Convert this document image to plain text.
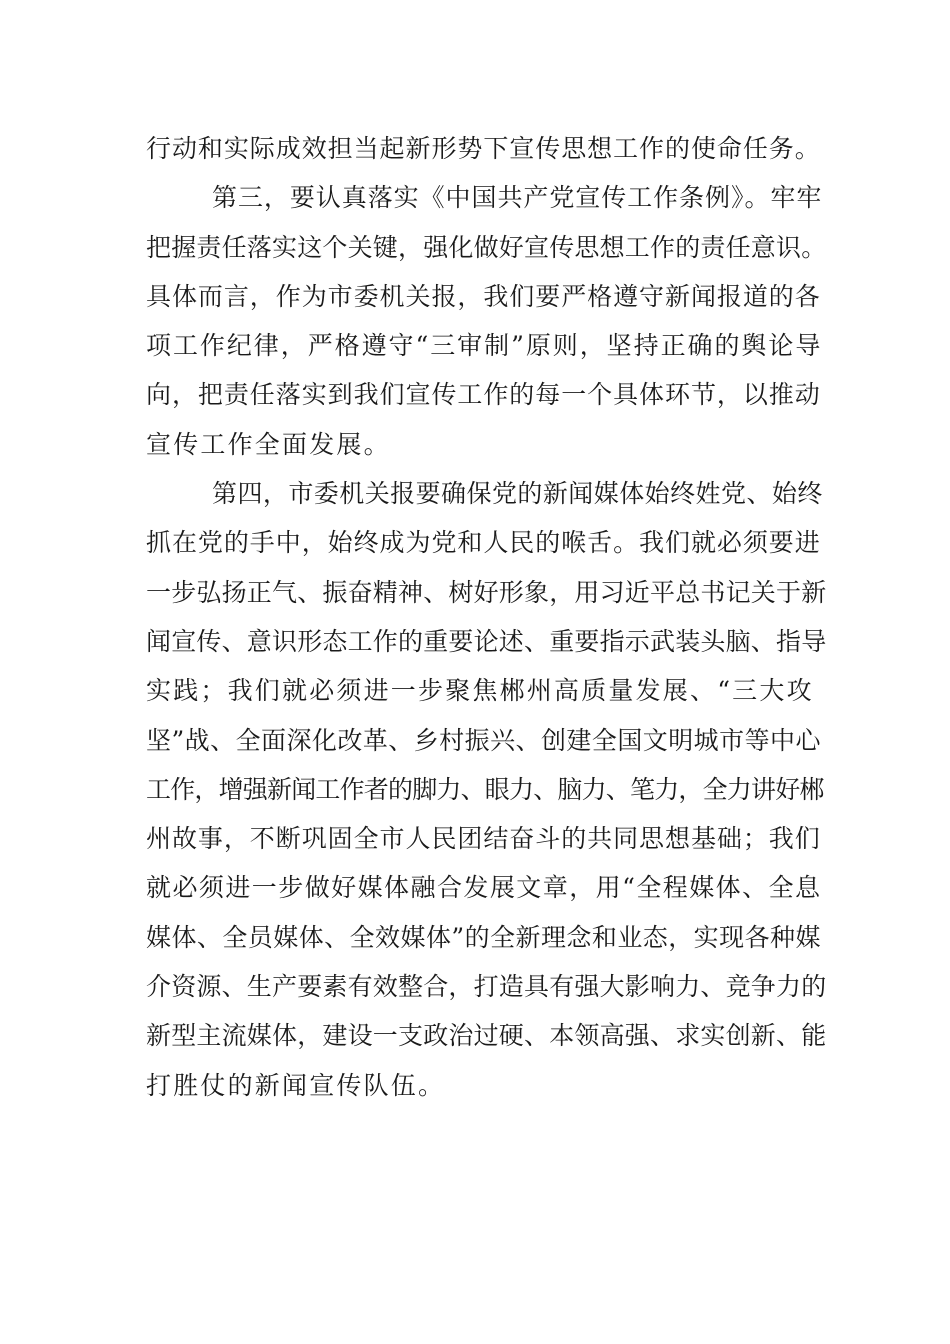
行动和实际成效担当起新形势下宣传思想工作的使命任务。
第三，要认真落实《中国共产党宣传工作条例》。牢牢
把握责任落实这个关键，强化做好宣传思想工作的责任意识。
具体而言，作为市委机关报，我们要严格遵守新闻报道的各
项工作纪律，严格遵守“三审制”原则，坚持正确的舆论导
向，把责任落实到我们宣传工作的每一个具体环节，以推动
宣传工作全面发展。
第四，市委机关报要确保党的新闻媒体始终姓党、始终
抓在党的手中，始终成为党和人民的喉舌。我们就必须要进
一步弘扬正气、振奋精神、树好形象，用习近平总书记关于新
闻宣传、意识形态工作的重要论述、重要指示武装头脑、指导
实践；我们就必须进一步聚焦郴州高质量发展、“三大攻
坚”战、全面深化改革、乡村振兴、创建全国文明城市等中心
工作，增强新闻工作者的脚力、眼力、脑力、笔力，全力讲好郴
州故事，不断巩固全市人民团结奋斗的共同思想基础；我们
就必须进一步做好媒体融合发展文章，用“全程媒体、全息
媒体、全员媒体、全效媒体”的全新理念和业态，实现各种媒
介资源、生产要素有效整合，打造具有强大影响力、竞争力的
新型主流媒体，建设一支政治过硬、本领高强、求实创新、能
打胜仗的新闻宣传队伍。
